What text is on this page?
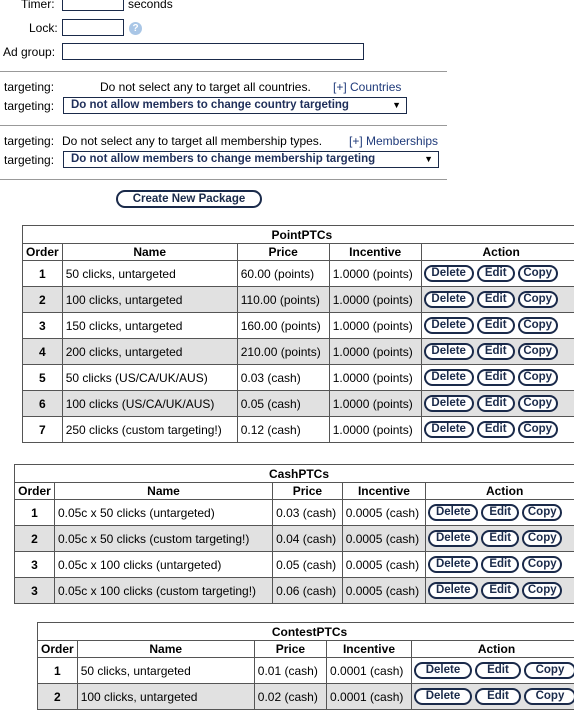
Timer:	seconds
Lock:	?
Ad group:
targeting:	Do not select any to target all countries. [+] Countries
targeting:	Do not allow members to change country targeting	▼
targeting: Do not select any to target all membership types. [+] Memberships
targeting:	Do not allow members to change membership targeting	▼
Create New Package
PointPTCs				
Order	Name	Price	Incentive	Action
1	50 clicks, untargeted	60.00 (points)	1.0000 (points)	Delete Edit Copy
2	100 clicks, untargeted	110.00 (points)	1.0000 (points)	Delete Edit Copy
3	150 clicks, untargeted	160.00 (points)	1.0000 (points)	Delete Edit Copy
4	200 clicks, untargeted	210.00 (points)	1.0000 (points)	Delete Edit Copy
5	50 clicks (US/CA/UK/AUS)	0.03 (cash)	1.0000 (points)	Delete Edit Copy
6	100 clicks (US/CA/UK/AUS)	0.05 (cash)	1.0000 (points)	Delete Edit Copy
7	250 clicks (custom targeting!)	0.12 (cash)	1.0000 (points)	Delete Edit Copy
CashPTCs				
Order	Name	Price	Incentive	Action
1	0.05c x 50 clicks (untargeted)	0.03 (cash)	0.0005 (cash)	Delete Edit Copy
2	0.05c x 50 clicks (custom targeting!)	0.04 (cash)	0.0005 (cash)	Delete Edit Copy
3	0.05c x 100 clicks (untargeted)	0.05 (cash)	0.0005 (cash)	Delete Edit Copy
3	0.05c x 100 clicks (custom targeting!)	0.06 (cash)	0.0005 (cash)	Delete Edit Copy
ContestPTCs				
Order	Name	Price	Incentive	Action
1	50 clicks, untargeted	0.01 (cash)	0.0001 (cash)	Delete Edit Copy
2	100 clicks, untargeted	0.02 (cash)	0.0001 (cash)	Delete Edit Copy
